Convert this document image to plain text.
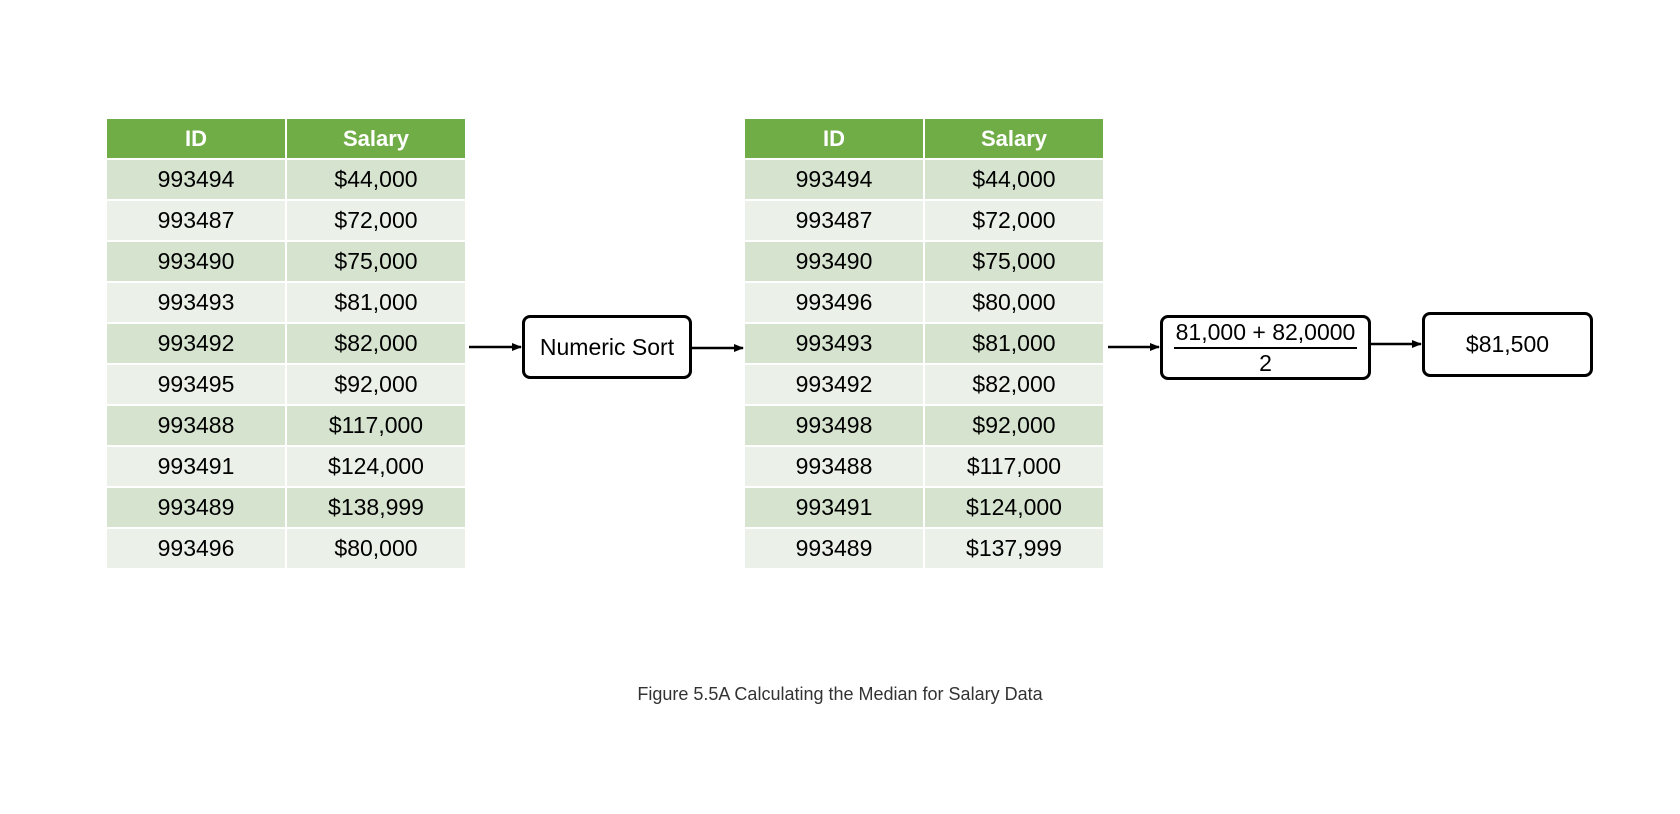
ID	Salary
993494	$44,000
993487	$72,000
993490	$75,000
993493	$81,000
993492	$82,000
993495	$92,000
993488	$117,000
993491	$124,000
993489	$138,999
993496	$80,000
Numeric Sort
ID	Salary
993494	$44,000
993487	$72,000
993490	$75,000
993496	$80,000
993493	$81,000
993492	$82,000
993498	$92,000
993488	$117,000
993491	$124,000
993489	$137,999
$\frac{81,000 + 82,0000}{2}$	$81,500
Figure 5.5A Calculating the Median for Salary Data
